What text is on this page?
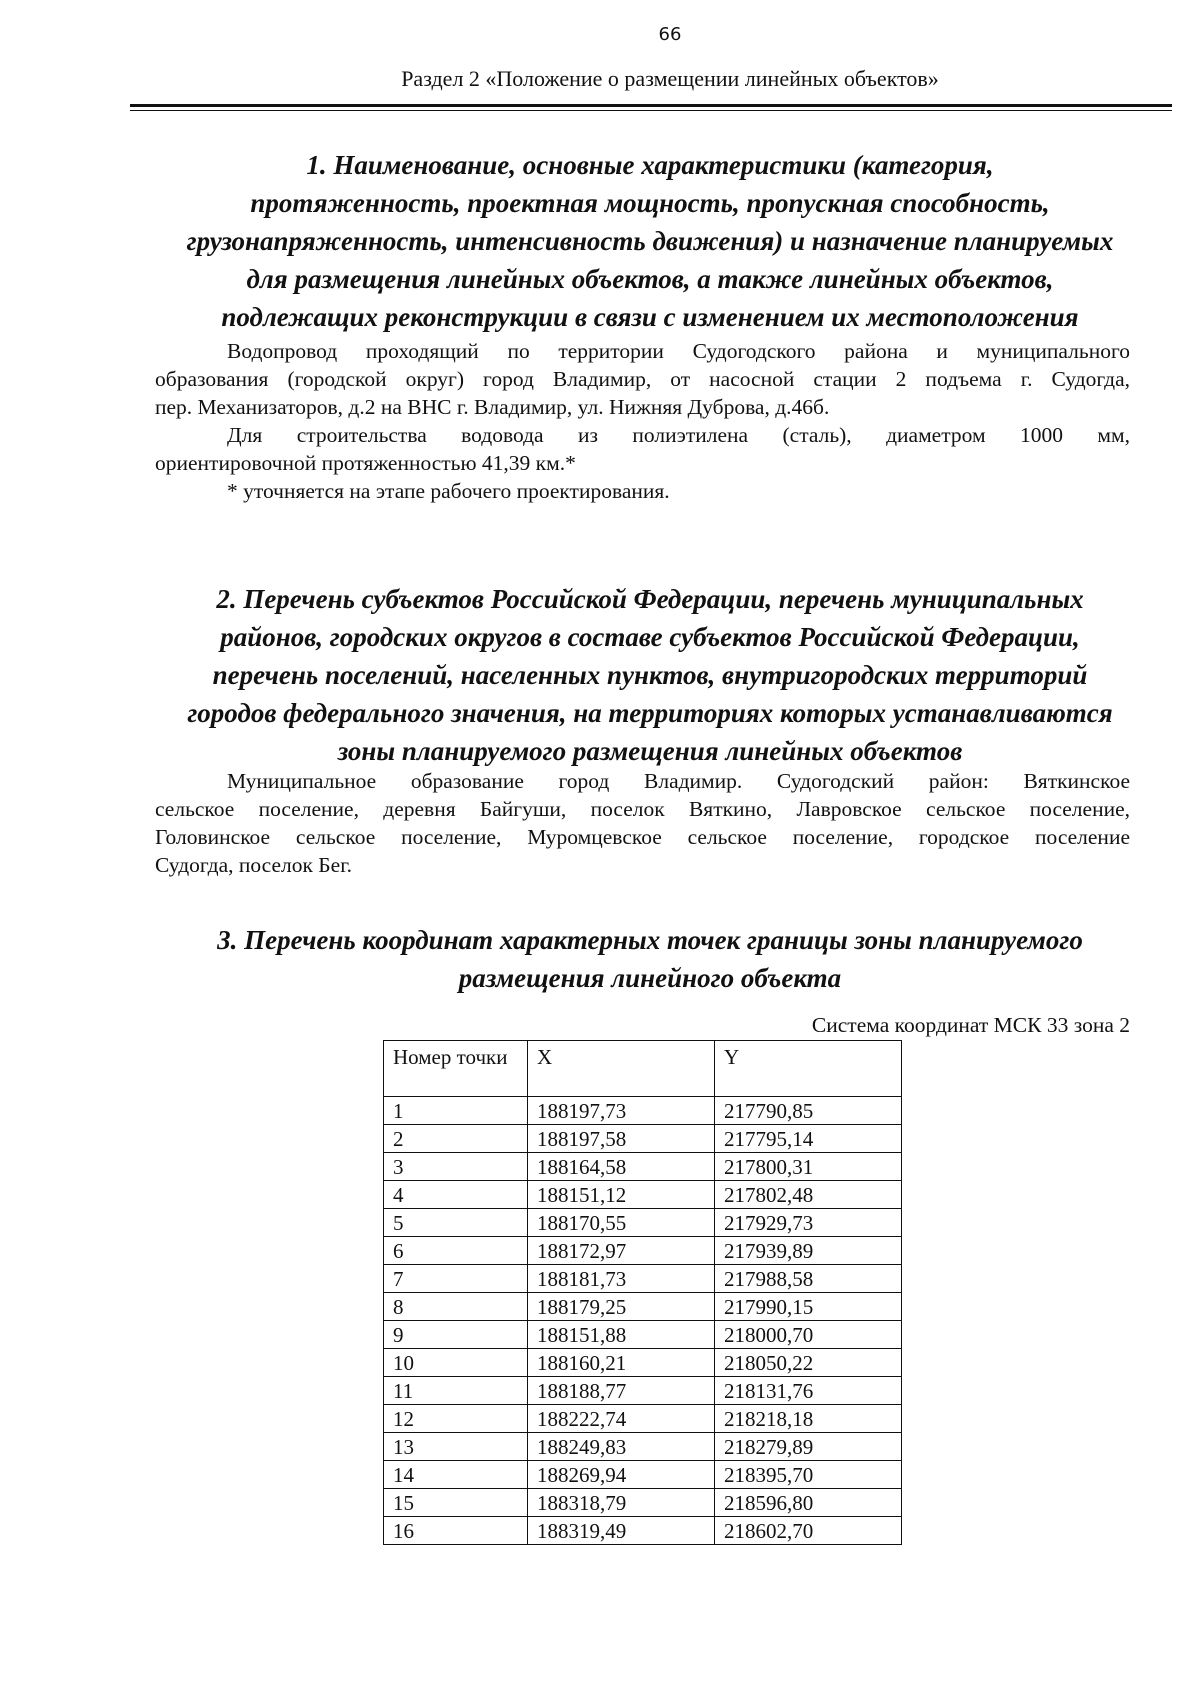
66
Раздел 2 «Положение о размещении линейных объектов»
1. Наименование, основные характеристики (категория,
протяженность, проектная мощность, пропускная способность,
грузонапряженность, интенсивность движения) и назначение планируемых
для размещения линейных объектов, а также линейных объектов,
подлежащих реконструкции в связи с изменением их местоположения
Водопровод проходящий по территории Судогодского района и муниципального
образования (городской округ) город Владимир, от насосной стации 2 подъема г. Судогда,
пер. Механизаторов, д.2 на ВНС г. Владимир, ул. Нижняя Дуброва, д.46б.
Для строительства водовода из полиэтилена (сталь), диаметром 1000 мм,
ориентировочной протяженностью 41,39 км.*
* уточняется на этапе рабочего проектирования.
2. Перечень субъектов Российской Федерации, перечень муниципальных
районов, городских округов в составе субъектов Российской Федерации,
перечень поселений, населенных пунктов, внутригородских территорий
городов федерального значения, на территориях которых устанавливаются
зоны планируемого размещения линейных объектов
Муниципальное образование город Владимир. Судогодский район: Вяткинское
сельское поселение, деревня Байгуши, поселок Вяткино, Лавровское сельское поселение,
Головинское сельское поселение, Муромцевское сельское поселение, городское поселение
Судогда, поселок Бег.
3. Перечень координат характерных точек границы зоны планируемого
размещения линейного объекта
Система координат МСК 33 зона 2
Номер точки	X	Y
1	188197,73	217790,85
2	188197,58	217795,14
3	188164,58	217800,31
4	188151,12	217802,48
5	188170,55	217929,73
6	188172,97	217939,89
7	188181,73	217988,58
8	188179,25	217990,15
9	188151,88	218000,70
10	188160,21	218050,22
11	188188,77	218131,76
12	188222,74	218218,18
13	188249,83	218279,89
14	188269,94	218395,70
15	188318,79	218596,80
16	188319,49	218602,70
